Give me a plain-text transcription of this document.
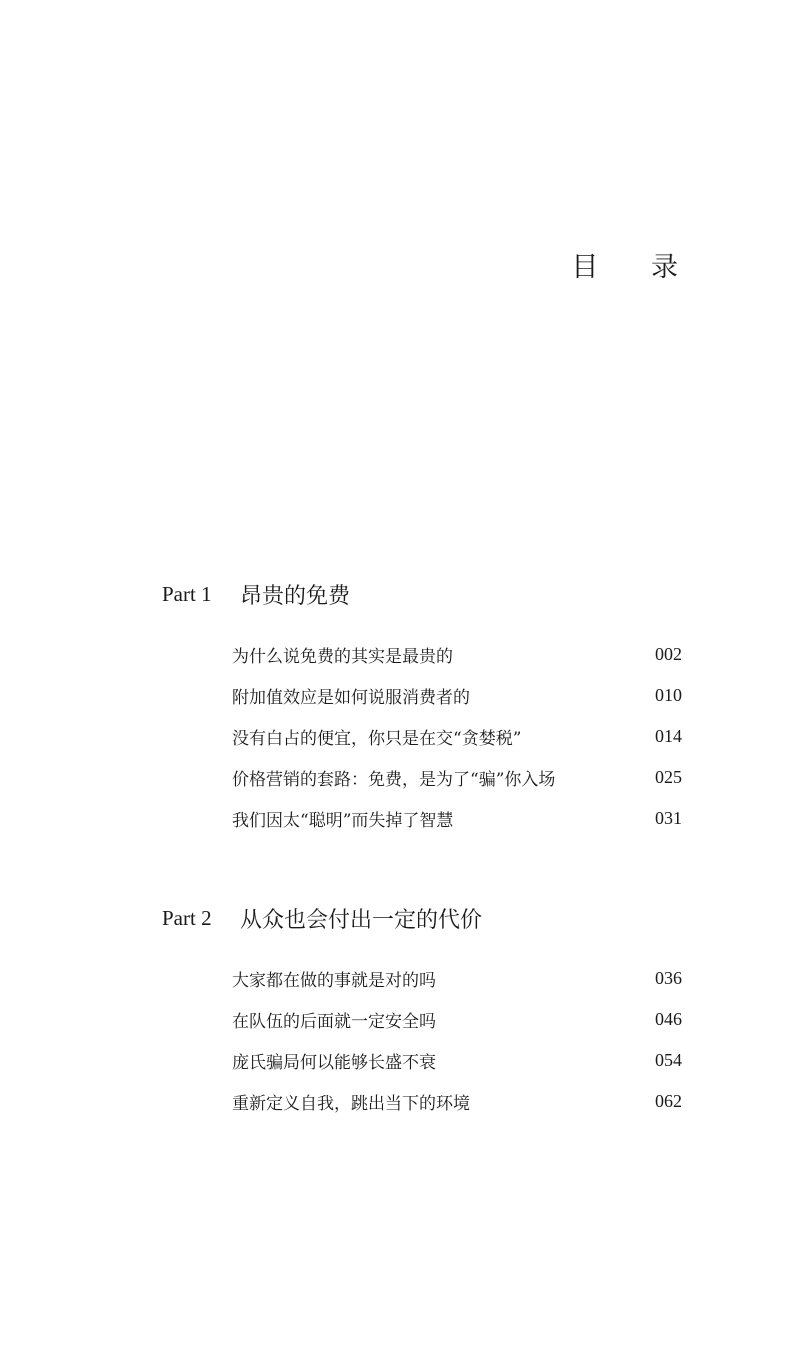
目 录
Part 1	昂贵的免费
为什么说免费的其实是最贵的	002
附加值效应是如何说服消费者的	010
没有白占的便宜，你只是在交“贪婪税”	014
价格营销的套路：免费，是为了“骗”你入场	025
我们因太“聪明”而失掉了智慧	031
Part 2	从众也会付出一定的代价
大家都在做的事就是对的吗	036
在队伍的后面就一定安全吗	046
庞氏骗局何以能够长盛不衰	054
重新定义自我，跳出当下的环境	062
